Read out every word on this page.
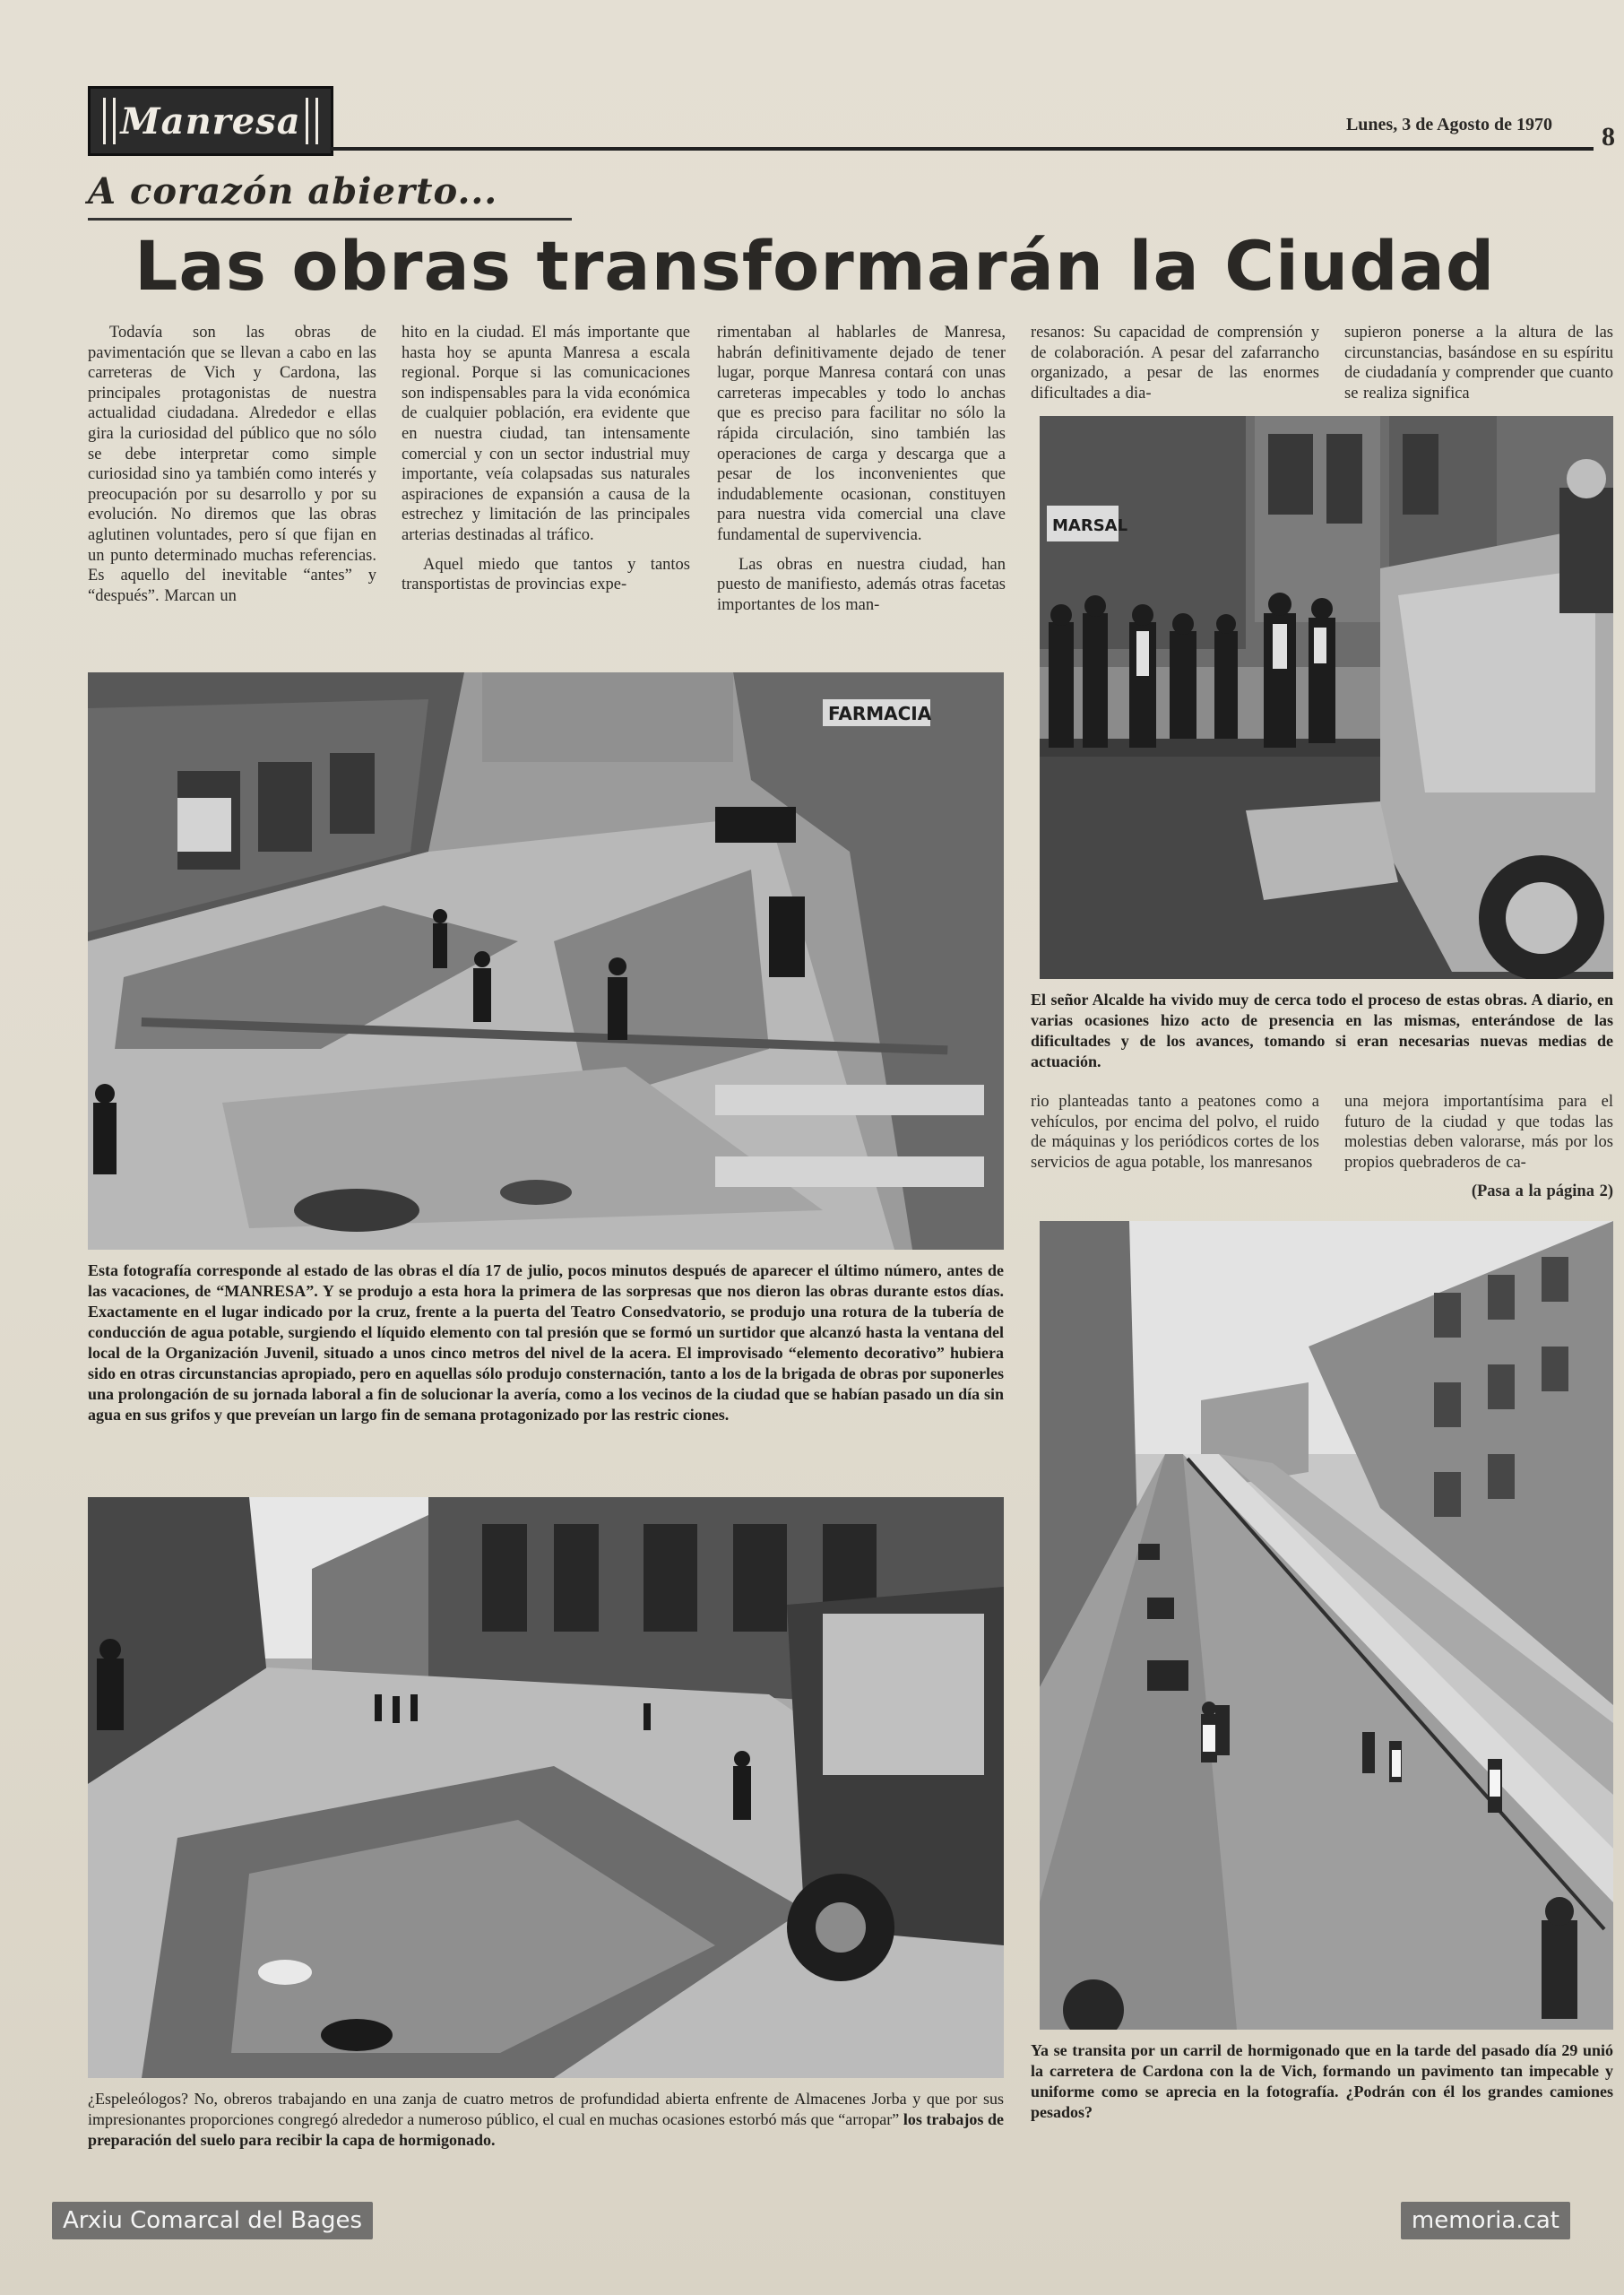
Manresa	Lunes, 3 de Agosto de 1970 8
A corazón abierto...
Las obras transformarán la Ciudad

Todavía son las obras de pavimentación que se llevan a cabo en las carreteras de Vich y Cardona, las principales protagonistas de nuestra actualidad ciudadana. Alrededor e ellas gira la curiosidad del público que no sólo se debe interpretar como simple curiosidad sino ya también como interés y preocupación por su desarrollo y por su evolución. No diremos que las obras aglutinen voluntades, pero sí que fijan en un punto determinado muchas referencias. Es aquello del inevitable “antes” y “después”. Marcan un

hito en la ciudad. El más importante que hasta hoy se apunta Manresa a escala regional. Porque si las comunicaciones son indispensables para la vida económica de cualquier población, era evidente que en nuestra ciudad, tan intensamente comercial y con un sector industrial muy importante, veía colapsadas sus naturales aspiraciones de expansión a causa de la estrechez y limitación de las principales arterias destinadas al tráfico.

Aquel miedo que tantos y tantos transportistas de provincias expe-

rimentaban al hablarles de Manresa, habrán definitivamente dejado de tener lugar, porque Manresa contará con unas carreteras impecables y todo lo anchas que es preciso para facilitar no sólo la rápida circulación, sino también las operaciones de carga y descarga que a pesar de los inconvenientes que indudablemente ocasionan, constituyen para nuestra vida comercial una clave fundamental de supervivencia.

Las obras en nuestra ciudad, han puesto de manifiesto, además otras facetas importantes de los man-

resanos: Su capacidad de comprensión y de colaboración. A pesar del zafarrancho organizado, a pesar de las enormes dificultades a dia-

supieron ponerse a la altura de las circunstancias, basándose en su espíritu de ciudadanía y comprender que cuanto se realiza significa

MARSAL
El señor Alcalde ha vivido muy de cerca todo el proceso de estas obras. A diario, en varias ocasiones hizo acto de presencia en las mismas, enterándose de las dificultades y de los avances, tomando si eran necesarias nuevas medias de actuación.

rio planteadas tanto a peatones como a vehículos, por encima del polvo, el ruido de máquinas y los periódicos cortes de los servicios de agua potable, los manresanos

una mejora importantísima para el futuro de la ciudad y que todas las molestias deben valorarse, más por los propios quebraderos de ca-

(Pasa a la página 2)

FARMACIA
Esta fotografía corresponde al estado de las obras el día 17 de julio, pocos minutos después de aparecer el último número, antes de las vacaciones, de “MANRESA”. Y se produjo a esta hora la primera de las sorpresas que nos dieron las obras durante estos días. Exactamente en el lugar indicado por la cruz, frente a la puerta del Teatro Consedvatorio, se produjo una rotura de la tubería de conducción de agua potable, surgiendo el líquido elemento con tal presión que se formó un surtidor que alcanzó hasta la ventana del local de la Organización Juvenil, situado a unos cinco metros del nivel de la acera. El improvisado “elemento decorativo” hubiera sido en otras circunstancias apropiado, pero en aquellas sólo produjo consternación, tanto a los de la brigada de obras por suponerles una prolongación de su jornada laboral a fin de solucionar la avería, como a los vecinos de la ciudad que se habían pasado un día sin agua en sus grifos y que preveían un largo fin de semana protagonizado por las restric ciones.
Ya se transita por un carril de hormigonado que en la tarde del pasado día 29 unió la carretera de Cardona con la de Vich, formando un pavimento tan impecable y uniforme como se aprecia en la fotografía. ¿Podrán con él los grandes camiones pesados?
¿Espeleólogos? No, obreros trabajando en una zanja de cuatro metros de profundidad abierta enfrente de Almacenes Jorba y que por sus impresionantes proporciones congregó alrededor a numeroso público, el cual en muchas ocasiones estorbó más que “arropar” los trabajos de preparación del suelo para recibir la capa de hormigonado.
Arxiu Comarcal del Bages	memoria.cat
